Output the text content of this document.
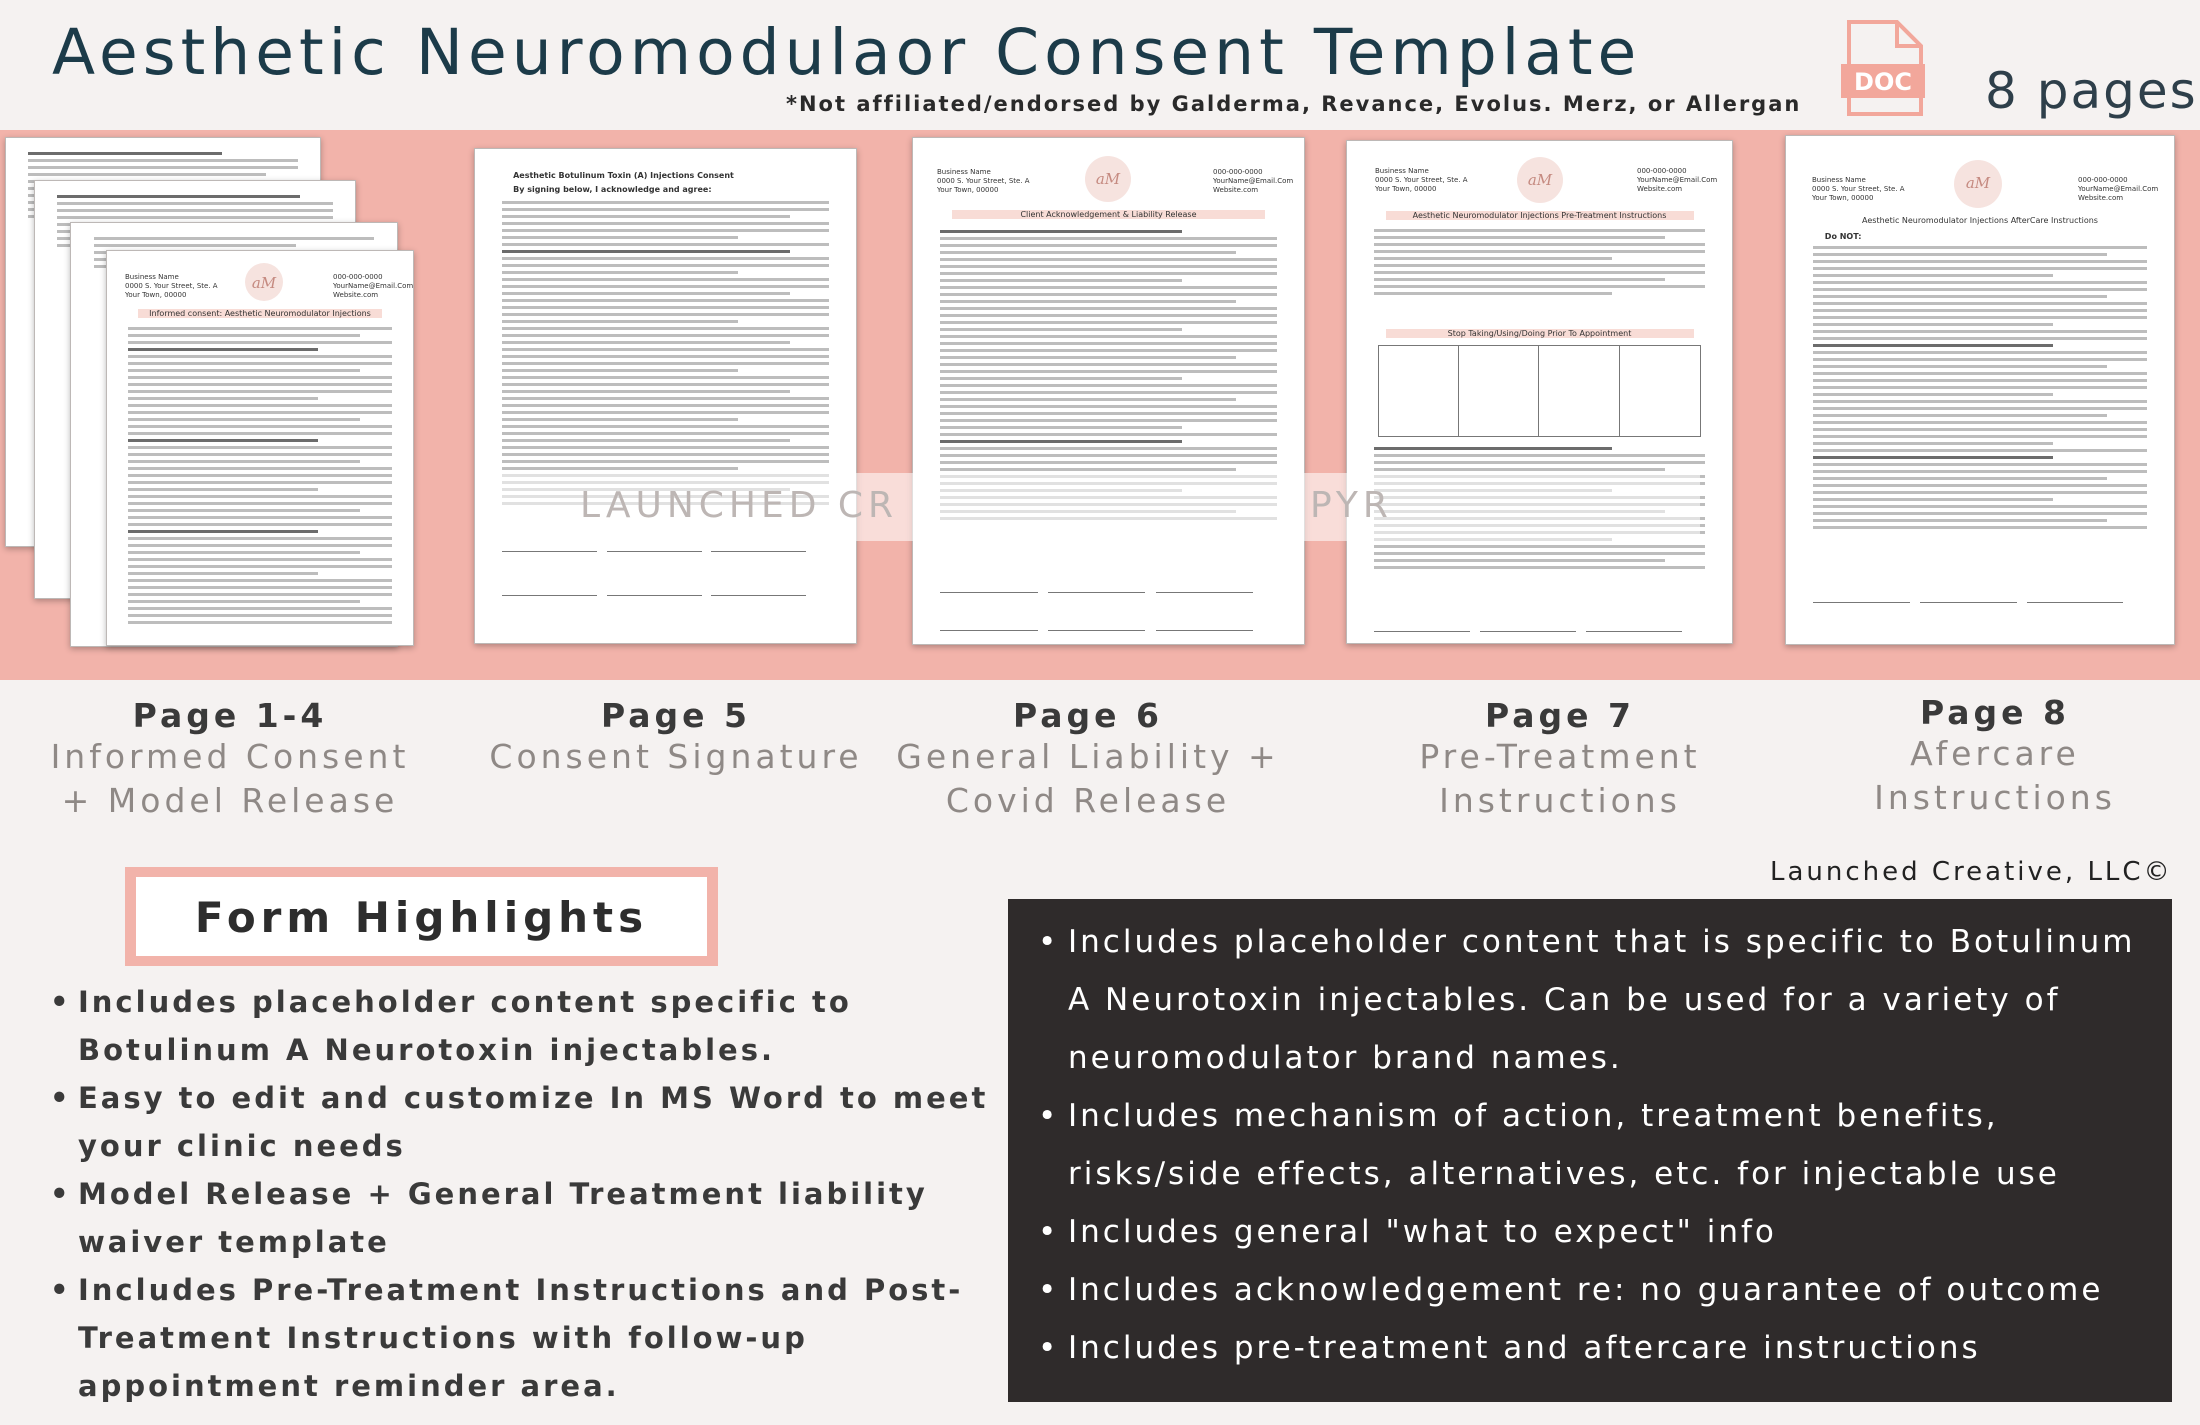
Aesthetic Neuromodulaor Consent Template
*Not affiliated/endorsed by Galderma, Revance, Evolus. Merz, or Allergan
DOC 8 pages
Business Name
0000 S. Your Street, Ste. A
Your Town, 00000
aM
000-000-0000
YourName@Email.Com
Website.com
Informed consent: Aesthetic Neuromodulator Injections
Aesthetic Botulinum Toxin (A) Injections Consent
By signing below, I acknowledge and agree:
Business Name
0000 S. Your Street, Ste. A
Your Town, 00000
aM
000-000-0000
YourName@Email.Com
Website.com
Client Acknowledgement & Liability Release
Business Name
0000 S. Your Street, Ste. A
Your Town, 00000
aM
000-000-0000
YourName@Email.Com
Website.com
Aesthetic Neuromodulator Injections Pre-Treatment Instructions
Stop Taking/Using/Doing Prior To Appointment
Business Name
0000 S. Your Street, Ste. A
Your Town, 00000
aM
000-000-0000
YourName@Email.Com
Website.com
Aesthetic Neuromodulator Injections AfterCare Instructions
Do NOT:
LAUNCHED CR	PYR
Page 1-4
Informed Consent
+ Model Release
Page 5
Consent Signature
Page 6
General Liability +
Covid Release
Page 7
Pre-Treatment
Instructions
Page 8
Afercare
Instructions
Launched Creative, LLC©
Form Highlights
• Includes placeholder content specific to Botulinum A Neurotoxin injectables.
• Easy to edit and customize In MS Word to meet your clinic needs
• Model Release + General Treatment liability waiver template
• Includes Pre-Treatment Instructions and Post-Treatment Instructions with follow-up appointment reminder area.
• Includes placeholder content that is specific to Botulinum A Neurotoxin injectables. Can be used for a variety of neuromodulator brand names.
• Includes mechanism of action, treatment benefits, risks/side effects, alternatives, etc. for injectable use
• Includes general "what to expect" info
• Includes acknowledgement re: no guarantee of outcome
• Includes pre-treatment and aftercare instructions
